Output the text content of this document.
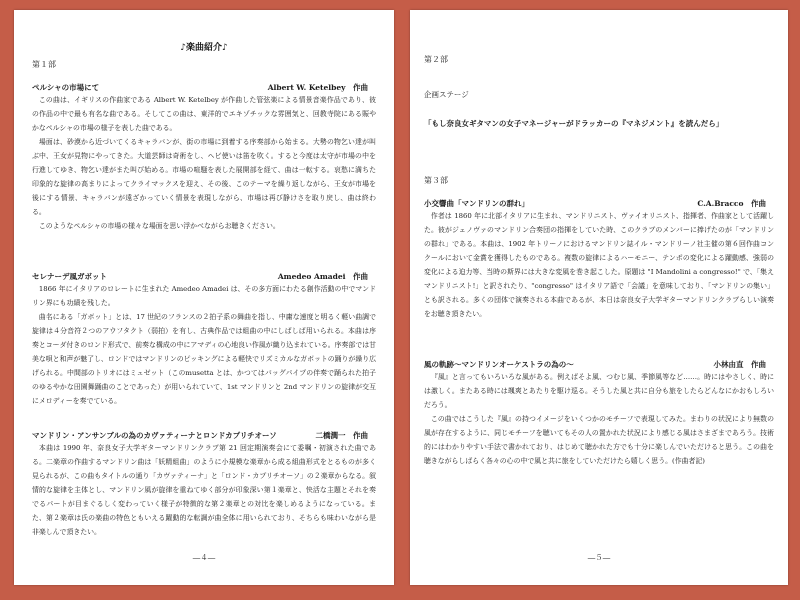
♪楽曲紹介♪
第１部
ペルシャの市場にて	Albert W. Ketelbey　作曲

この曲は、イギリスの作曲家である Albert W. Ketelbey が作曲した管弦楽による情景音楽作品であり、彼の作品の中で最も有名な曲である。そしてこの曲は、東洋的でエキゾチックな雰囲気と、回教寺院にある賑やかなペルシャの市場の様子を表した曲である。

場面は、砂漠から近づいてくるキャラバンが、街の市場に到着する序奏部から始まる。大勢の物乞い達が叫ぶ中、王女が見物にやってきた。大道芸師は奇術をし、ヘビ使いは笛を吹く。すると今度は太守が市場の中を行進してゆき、物乞い達がまた叫び始める。市場の喧騒を表した展開部を経て、曲は一転する。哀愁に満ちた印象的な旋律の高まりによってクライマックスを迎え、その後、このテーマを繰り返しながら、王女が市場を後にする情景、キャラバンが遠ざかっていく情景を表現しながら、市場は再び静けさを取り戻し、曲は終わる。

このようなペルシャの市場の様々な場面を思い浮かべながらお聴きください。

セレナーデ風ガボット	Amedeo Amadei　作曲

1866 年にイタリアのロレートに生まれた Amedeo Amadei は、その多方面にわたる創作活動の中でマンドリン界にも功績を残した。

曲名にある「ガボット」とは、17 世紀のフランスの２拍子系の舞曲を指し、中庸な速度と明るく軽い曲調で旋律は４分音符２つのアウフタクト（弱拍）を有し、古典作品では組曲の中にしばしば用いられる。本曲は序奏とコーダ付きのロンド形式で、前奏な構成の中にアマディの心地良い作風が織り込まれている。序奏部では甘美な唄と和声が魅了し、ロンドではマンドリンのピッキングによる軽快でリズミカルなガボットの踊りが繰り広げられる。中間部のトリオにはミュゼット（このmusetta とは、かつてはバッグパイプの伴奏で踊られた拍子のゆるやかな田園舞踊曲のことであった）が用いられていて、1st マンドリンと 2nd マンドリンの旋律が交互にメロディーを奏でている。

マンドリン・アンサンブルの為のカヴァティーナとロンドカプリチオーソ	二橋潤一　作曲

本曲は 1990 年、奈良女子大学ギターマンドリンクラブ第 21 回定期演奏会にて委嘱・初演された曲である。二楽章の作曲するマンドリン曲は「妖精組曲」のように小規模な楽章から成る組曲形式をとるものが多く見られるが、この曲もタイトルの通り「カヴァティーナ」と「ロンド・カプリチオーソ」の２楽章からなる。叙情的な旋律を主体とし、マンドリン風が旋律を重ねてゆく部分が印象深い第１楽章と、快活な主題とそれを奏でるパートが目まぐるしく変わっていく様子が特徴的な第２楽章との対比を楽しめるようになっている。また、第２楽章は氏の楽曲の特色ともいえる躍動的な転調が曲全体に用いられており、そちらも味わいながら是非楽しんで頂きたい。

―４―
第２部
企画ステージ
「もし奈良女ギタマンの女子マネージャーがドラッカーの『マネジメント』を読んだら」
第３部
小交響曲「マンドリンの群れ」	C.A.Bracco　作曲

作者は 1860 年に北部イタリアに生まれ、マンドリニスト、ヴァイオリニスト、指揮者、作曲家として活躍した。彼がジェノヴァのマンドリン合奏団の指揮をしていた時、このクラブのメンバーに捧げたのが「マンドリンの群れ」である。本曲は、1902 年トリーノにおけるマンドリン誌イル・マンドリーノ社主催の第６回作曲コンクールにおいて金賞を獲得したものである。複数の旋律によるハーモニー、テンポの変化による躍動感、強弱の変化による迫力等、当時の斯界には大きな変風を巻き起こした。原題は "I Mandolini a congresso!" で、「集えマンドリニスト!」と訳されたり、"congresso" はイタリア語で「会議」を意味しており、「マンドリンの集い」とも訳される。多くの団体で演奏される本曲であるが、本日は奈良女子大学ギターマンドリンクラブらしい演奏をお聴き頂きたい。

風の軌跡～マンドリンオーケストラの為の～	小林由直　作曲

『風』と言ってもいろいろな風がある。例えばそよ風、つむじ風、季節風等など……。時にはやさしく、時には激しく。またある時には颯爽とあたりを駆け巡る。そうした風と共に自分も旅をしたらどんなにかおもしろいだろう。

この曲ではこうした『風』の持つイメージをいくつかのモチーフで表現してみた。まわりの状況により無数の風が存在するように、同じモチーフを聴いてもその人の置かれた状況により感じる風はさまざまであろう。技術的にはわかりやすい手法で書かれており、はじめて聴かれた方でも十分に楽しんでいただけると思う。この曲を聴きながらしばらく各々の心の中で風と共に旅をしていただけたら嬉しく思う。(作曲者記)

―５―
